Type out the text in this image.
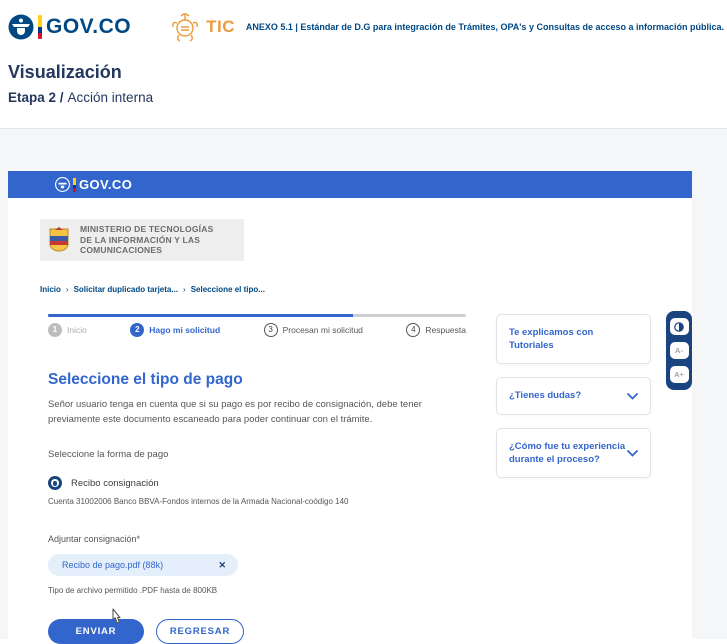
GOV.CO	TIC ANEXO 5.1 | Estándar de D.G para integración de Trámites, OPA's y Consultas de acceso a información pública.
Visualización
Etapa 2 / Acción interna
GOV.CO
MINISTERIO DE TECNOLOGÍAS
DE LA INFORMACIÓN Y LAS
COMUNICACIONES
Inicio › Solicitar duplicado tarjeta... › Seleccione el tipo...
1	Inicio	2	Hago mi solicitud	3	Procesan mi solicitud	4	Respuesta
Seleccione el tipo de pago

Señor usuario tenga en cuenta que si su pago es por recibo de consignación, debe tener previamente este documento escaneado para poder continuar con el trámite.

Seleccione la forma de pago
Recibo consignación
Cuenta 31002006 Banco BBVA-Fondos internos de la Armada Nacional-coódigo 140
Adjuntar consignación*
Recibo de pago.pdf (88k)	✕
Tipo de archivo permitido .PDF hasta de 800KB
ENVIAR	REGRESAR
Te explicamos con Tutoriales
¿Tienes dudas?
¿Cómo fue tu experiencia durante el proceso?
A-
A+
